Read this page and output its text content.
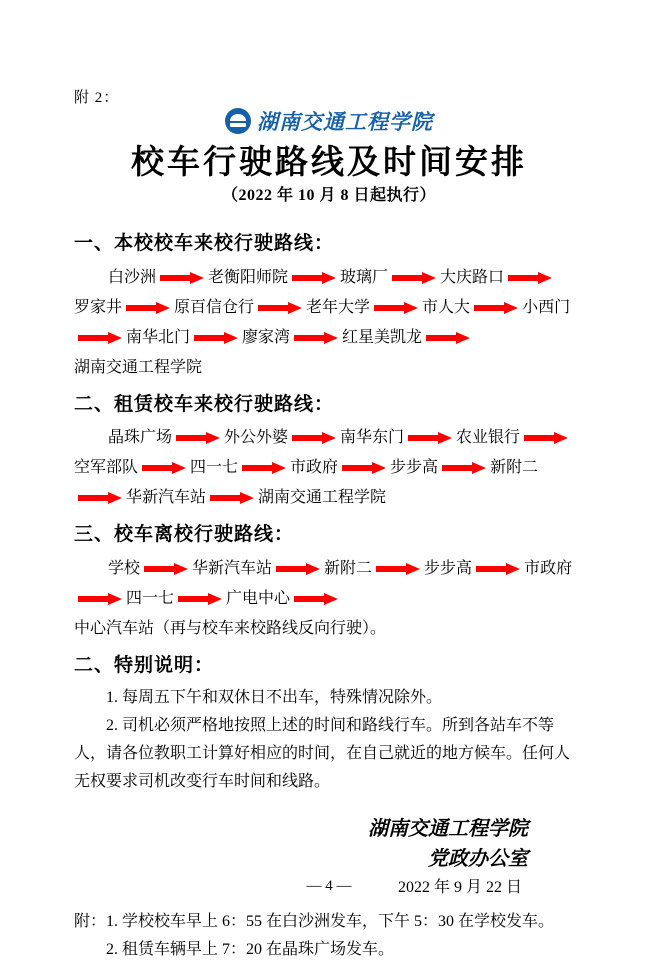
附 2：
湖南交通工程学院
校车行驶路线及时间安排
（2022 年 10 月 8 日起执行）
一、本校校车来校行驶路线：
白沙洲	老衡阳师院	玻璃厂	大庆路口
罗家井	原百信仓行	老年大学	市人大	小西门
南华北门	廖家湾	红星美凯龙
湖南交通工程学院
二、租赁校车来校行驶路线：
晶珠广场	外公外婆	南华东门	农业银行
空军部队	四一七	市政府	步步高	新附二
华新汽车站	湖南交通工程学院
三、校车离校行驶路线：
学校	华新汽车站	新附二	步步高	市政府
四一七	广电中心
中心汽车站（再与校车来校路线反向行驶）。
二、特别说明：
1. 每周五下午和双休日不出车，特殊情况除外。
2. 司机必须严格地按照上述的时间和路线行车。所到各站车不等人，请各位教职工计算好相应的时间，在自己就近的地方候车。任何人无权要求司机改变行车时间和线路。
湖南交通工程学院
党政办公室
2022 年 9 月 22 日
附：1. 学校校车早上 6：55 在白沙洲发车，下午 5：30 在学校发车。
2. 租赁车辆早上 7：20 在晶珠广场发车。
— 4 —
